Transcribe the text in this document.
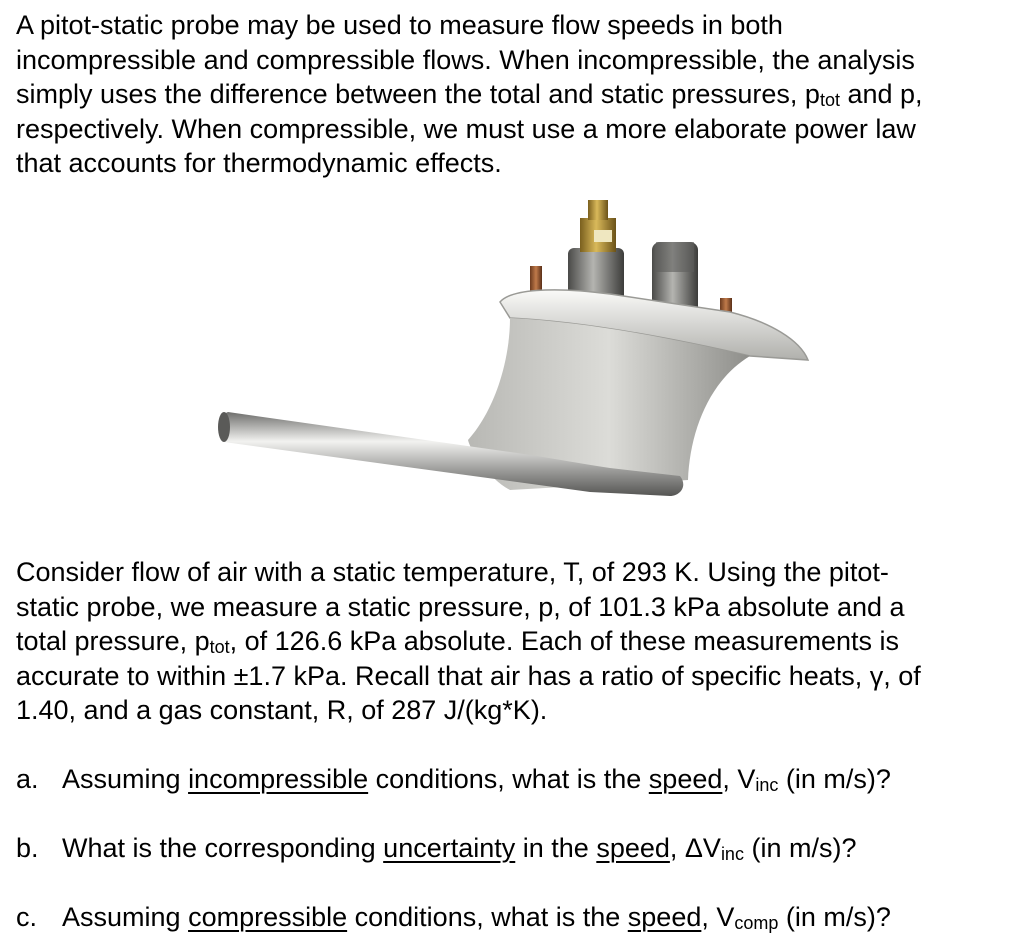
A pitot-static probe may be used to measure flow speeds in both
incompressible and compressible flows. When incompressible, the analysis
simply uses the difference between the total and static pressures, $p_{tot}$ and p,
respectively. When compressible, we must use a more elaborate power law
that accounts for thermodynamic effects.
Consider flow of air with a static temperature, T, of 293 K. Using the pitot-
static probe, we measure a static pressure, p, of 101.3 kPa absolute and a
total pressure, $p_{tot}$, of 126.6 kPa absolute. Each of these measurements is
accurate to within ±1.7 kPa. Recall that air has a ratio of specific heats, γ, of
1.40, and a gas constant, R, of 287 J/(kg*K).
a. Assuming incompressible conditions, what is the speed, $V_{inc}$ (in m/s)?
b. What is the corresponding uncertainty in the speed, $\Delta V_{inc}$ (in m/s)?
c. Assuming compressible conditions, what is the speed, $V_{comp}$ (in m/s)?
